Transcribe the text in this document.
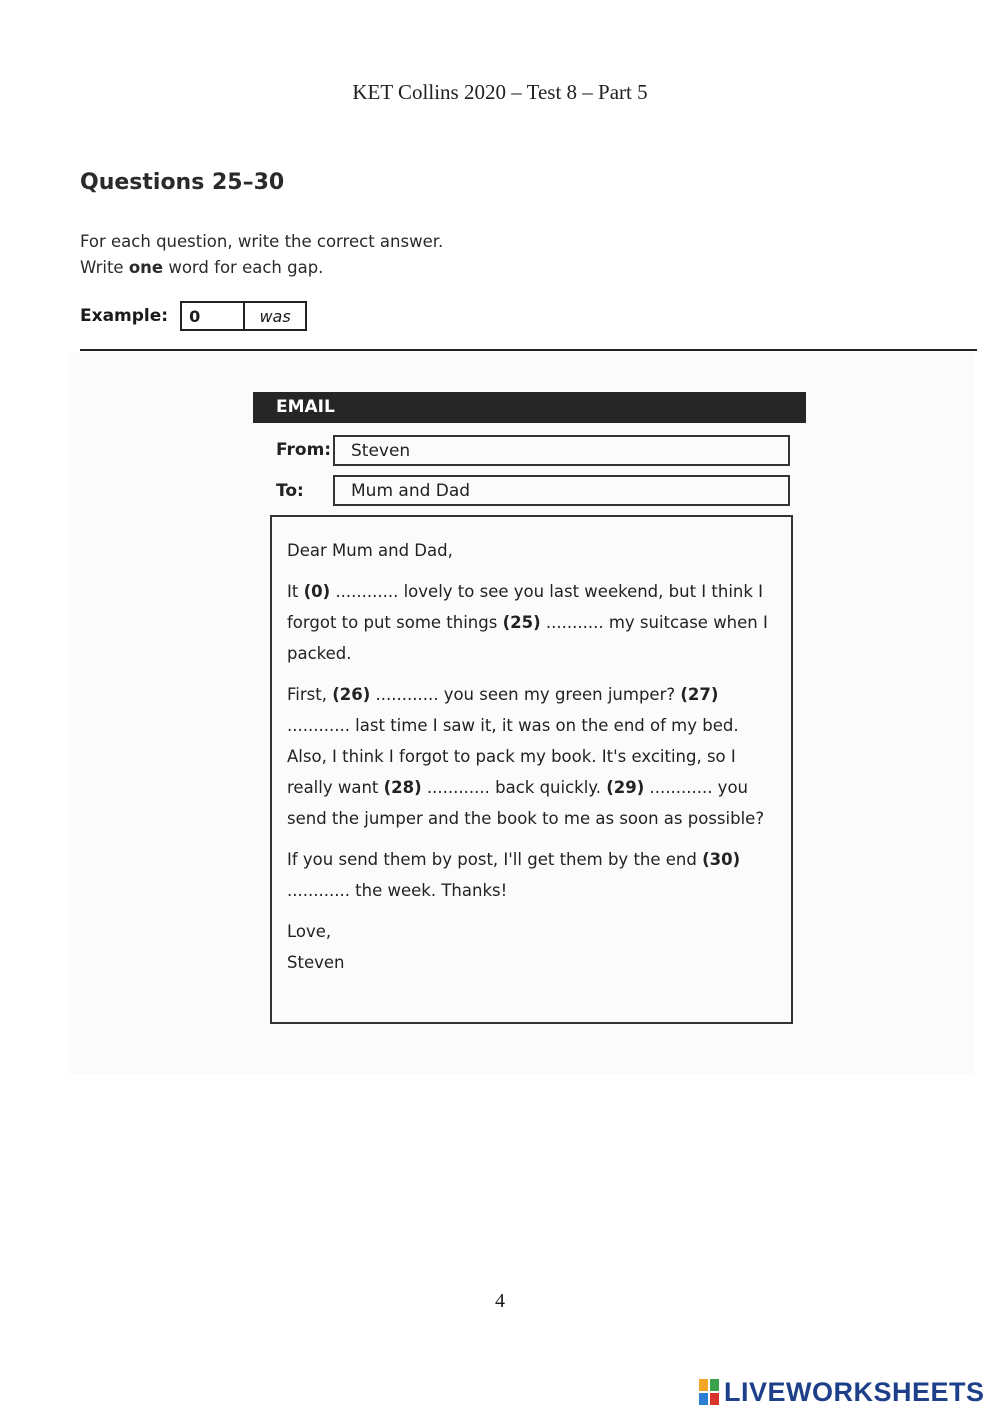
KET Collins 2020 – Test 8 – Part 5
Questions 25–30
For each question, write the correct answer.
Write one word for each gap.
Example:	0	was
EMAIL
From:	Steven
To:	Mum and Dad

Dear Mum and Dad,

It (0) ............ lovely to see you last weekend, but I think I forgot to put some things (25) ........... my suitcase when I packed.

First, (26) ............ you seen my green jumper? (27) ............ last time I saw it, it was on the end of my bed. Also, I think I forgot to pack my book. It's exciting, so I really want (28) ............ back quickly. (29) ............ you send the jumper and the book to me as soon as possible?

If you send them by post, I'll get them by the end (30) ............ the week. Thanks!

Love,
Steven
4
LIVEWORKSHEETS
